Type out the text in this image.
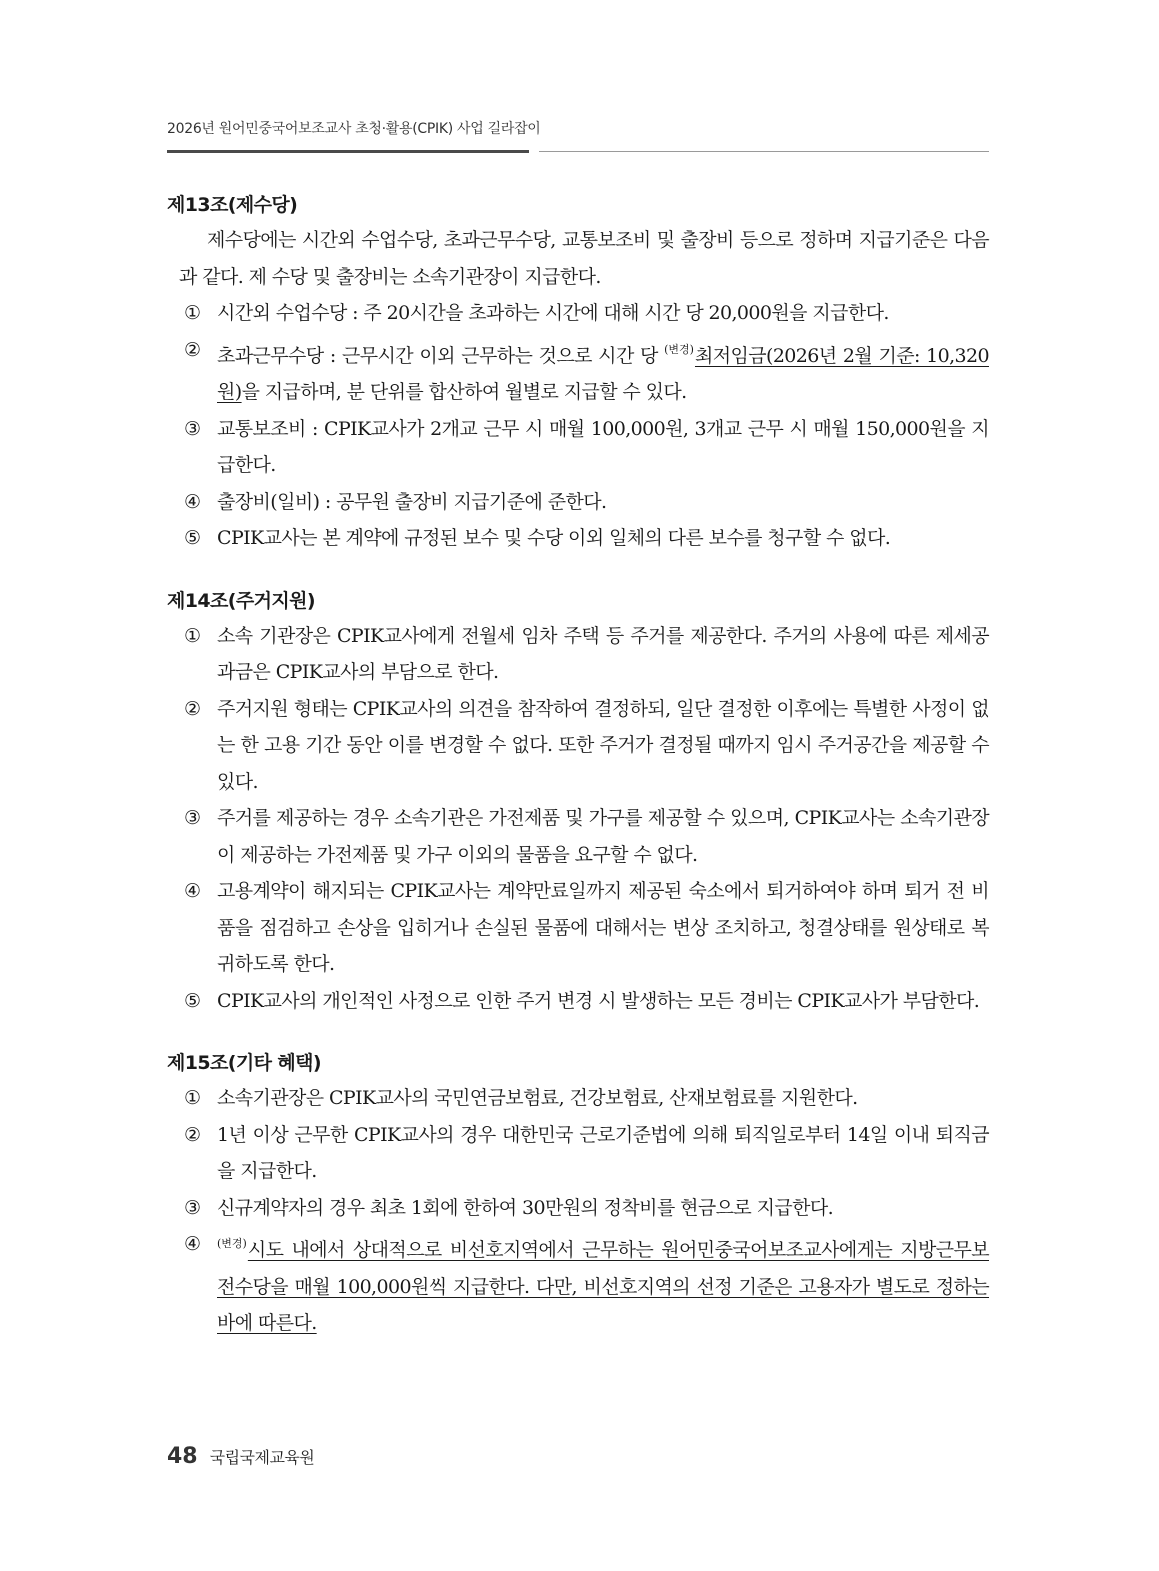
2026년 원어민중국어보조교사 초청·활용(CPIK) 사업 길라잡이
제13조(제수당)

제수당에는 시간외 수업수당, 초과근무수당, 교통보조비 및 출장비 등으로 정하며 지급기준은 다음과 같다. 제 수당 및 출장비는 소속기관장이 지급한다.

① 시간외 수업수당 : 주 20시간을 초과하는 시간에 대해 시간 당 20,000원을 지급한다.

② 초과근무수당 : 근무시간 이외 근무하는 것으로 시간 당 $^{(변경)}$최저임금(2026년 2월 기준: 10,320원)을 지급하며, 분 단위를 합산하여 월별로 지급할 수 있다.

③ 교통보조비 : CPIK교사가 2개교 근무 시 매월 100,000원, 3개교 근무 시 매월 150,000원을 지급한다.

④ 출장비(일비) : 공무원 출장비 지급기준에 준한다.

⑤ CPIK교사는 본 계약에 규정된 보수 및 수당 이외 일체의 다른 보수를 청구할 수 없다.

제14조(주거지원)

① 소속 기관장은 CPIK교사에게 전월세 임차 주택 등 주거를 제공한다. 주거의 사용에 따른 제세공과금은 CPIK교사의 부담으로 한다.

② 주거지원 형태는 CPIK교사의 의견을 참작하여 결정하되, 일단 결정한 이후에는 특별한 사정이 없는 한 고용 기간 동안 이를 변경할 수 없다. 또한 주거가 결정될 때까지 임시 주거공간을 제공할 수 있다.

③ 주거를 제공하는 경우 소속기관은 가전제품 및 가구를 제공할 수 있으며, CPIK교사는 소속기관장이 제공하는 가전제품 및 가구 이외의 물품을 요구할 수 없다.

④ 고용계약이 해지되는 CPIK교사는 계약만료일까지 제공된 숙소에서 퇴거하여야 하며 퇴거 전 비품을 점검하고 손상을 입히거나 손실된 물품에 대해서는 변상 조치하고, 청결상태를 원상태로 복귀하도록 한다.

⑤ CPIK교사의 개인적인 사정으로 인한 주거 변경 시 발생하는 모든 경비는 CPIK교사가 부담한다.

제15조(기타 혜택)

① 소속기관장은 CPIK교사의 국민연금보험료, 건강보험료, 산재보험료를 지원한다.

② 1년 이상 근무한 CPIK교사의 경우 대한민국 근로기준법에 의해 퇴직일로부터 14일 이내 퇴직금을 지급한다.

③ 신규계약자의 경우 최초 1회에 한하여 30만원의 정착비를 현금으로 지급한다.

④ $^{(변경)}$시도 내에서 상대적으로 비선호지역에서 근무하는 원어민중국어보조교사에게는 지방근무보전수당을 매월 100,000원씩 지급한다. 다만, 비선호지역의 선정 기준은 고용자가 별도로 정하는 바에 따른다.

48 국립국제교육원
